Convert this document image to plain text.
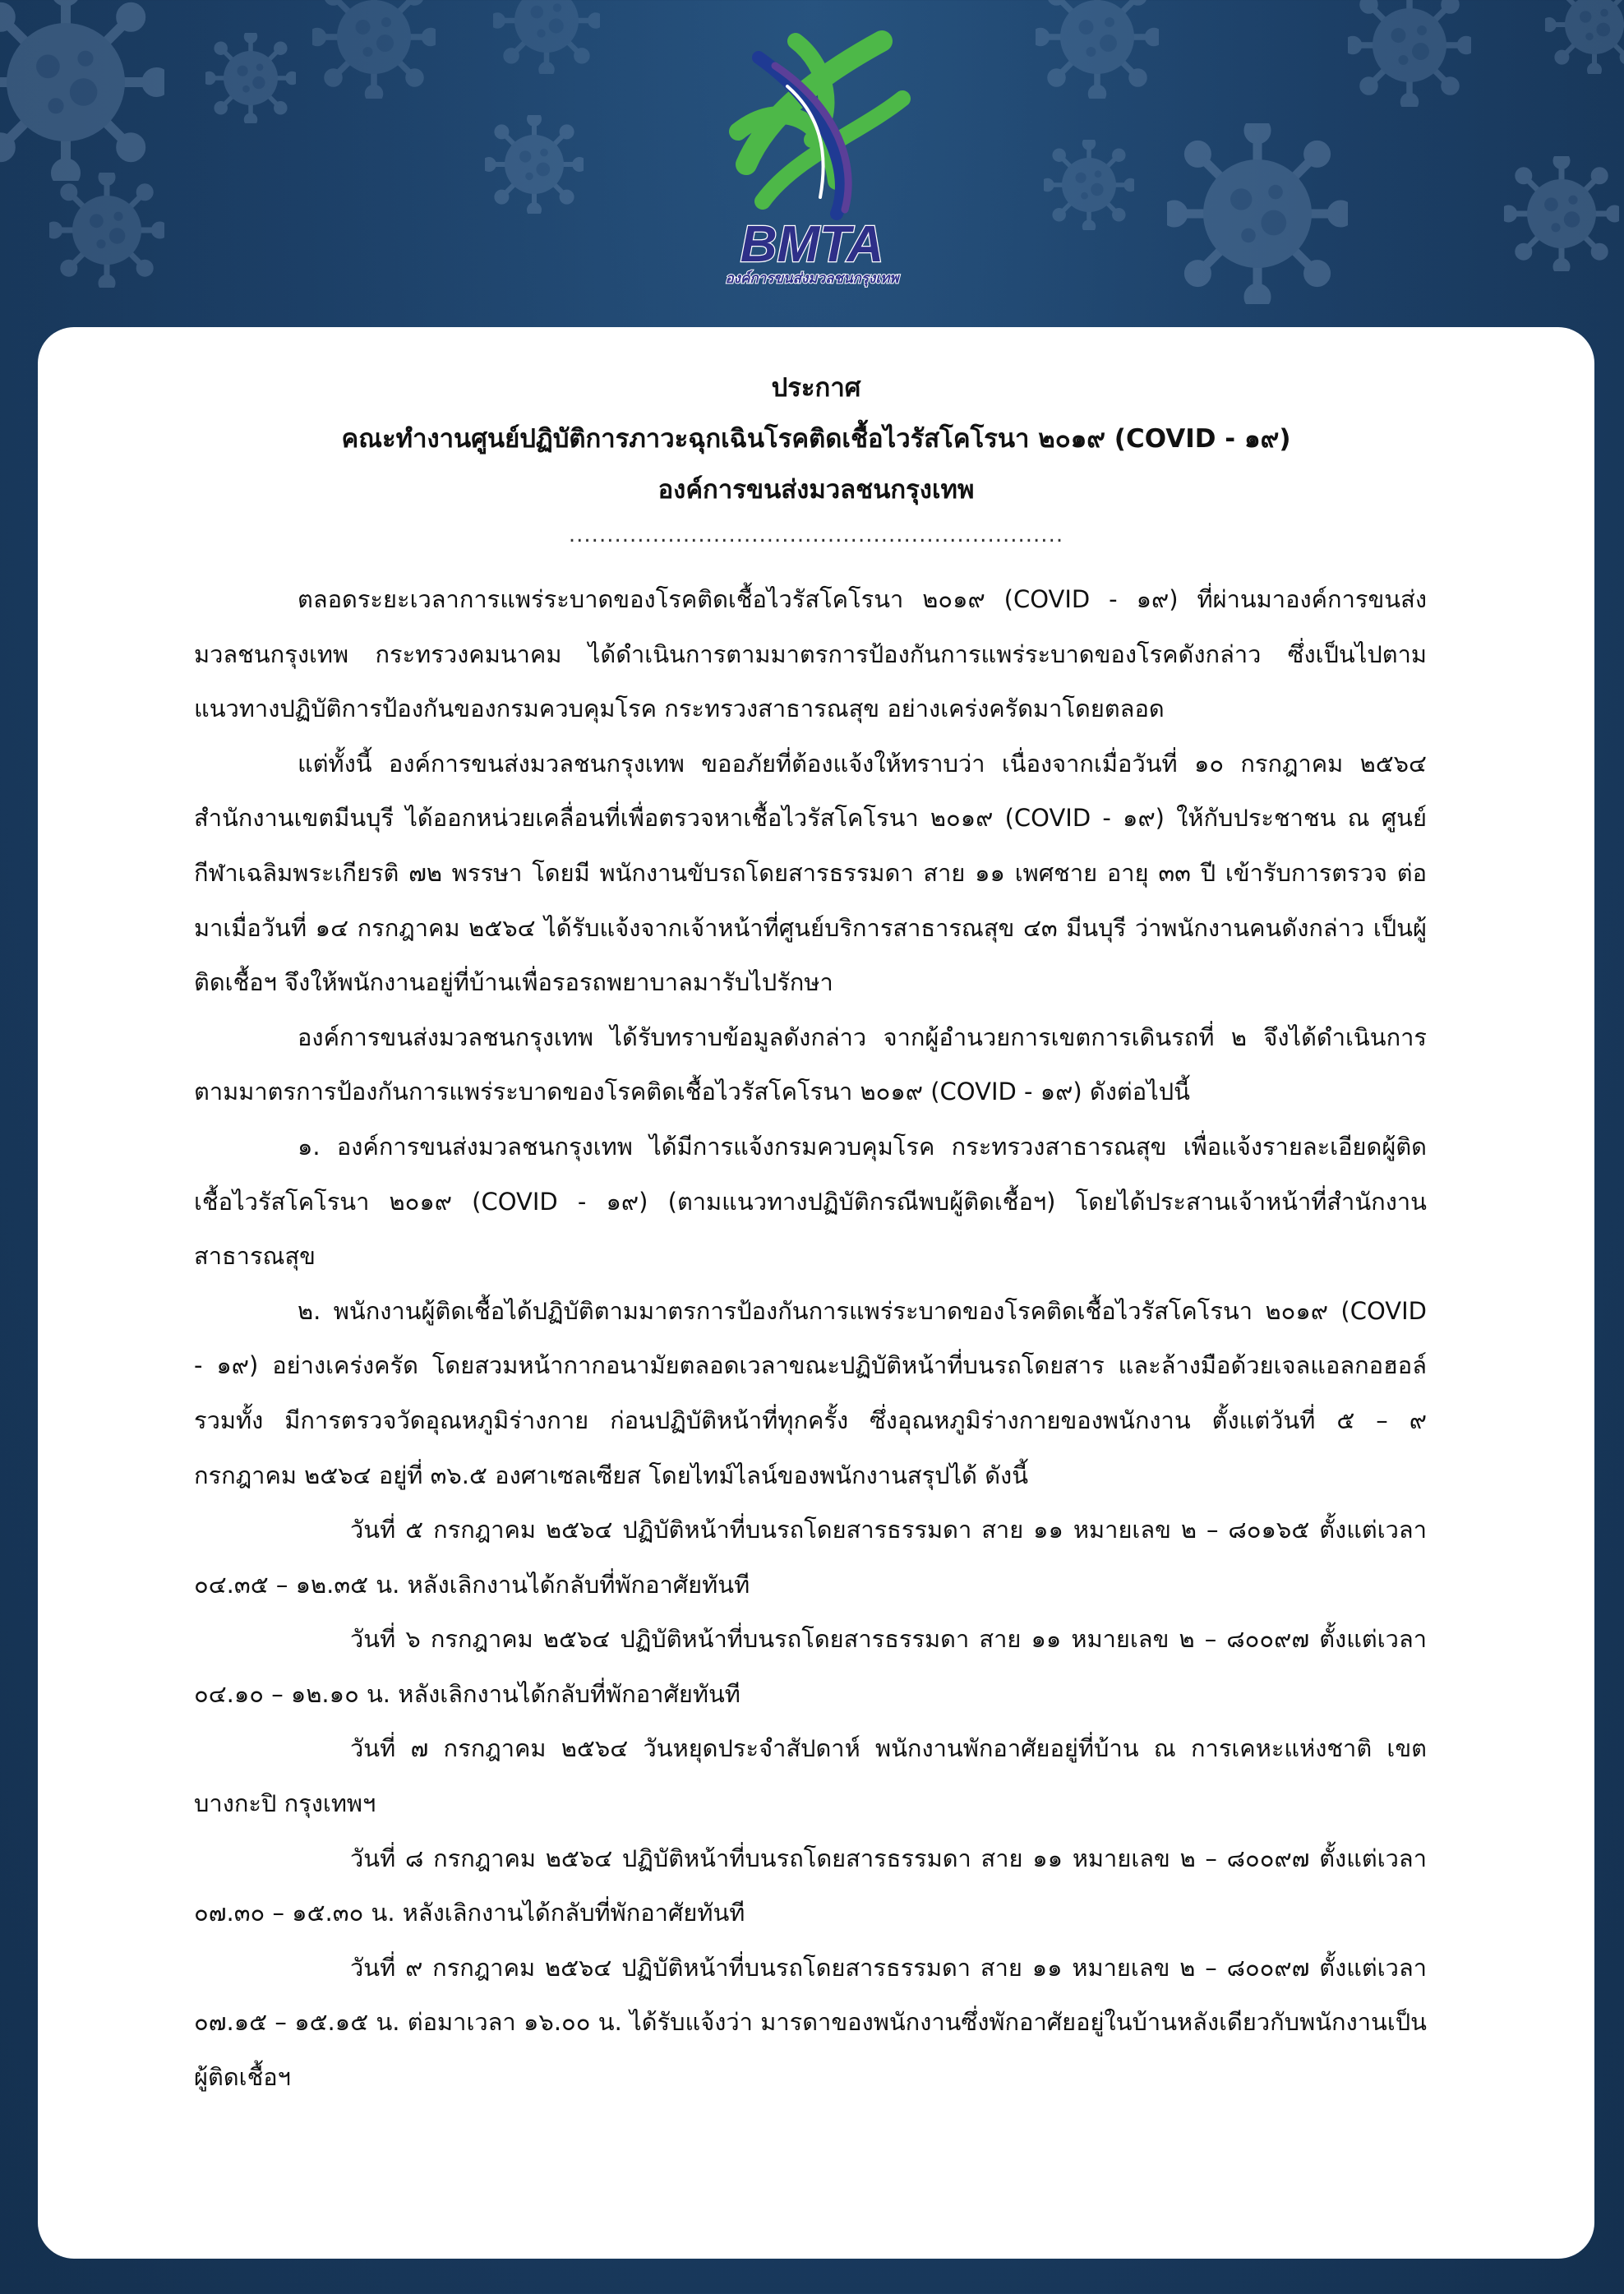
BMTA
องค์การขนส่งมวลชนกรุงเทพ
ประกาศ
คณะทำงานศูนย์ปฏิบัติการภาวะฉุกเฉินโรคติดเชื้อไวรัสโคโรนา ๒๐๑๙ (COVID - ๑๙)
องค์การขนส่งมวลชนกรุงเทพ
.................................................................

ตลอดระยะเวลาการแพร่ระบาดของโรคติดเชื้อไวรัสโคโรนา ๒๐๑๙ (COVID - ๑๙) ที่ผ่านมาองค์การขนส่งมวลชนกรุงเทพ กระทรวงคมนาคม ได้ดำเนินการตามมาตรการป้องกันการแพร่ระบาดของโรคดังกล่าว ซึ่งเป็นไปตามแนวทางปฏิบัติการป้องกันของกรมควบคุมโรค กระทรวงสาธารณสุข อย่างเคร่งครัดมาโดยตลอด

แต่ทั้งนี้ องค์การขนส่งมวลชนกรุงเทพ ขออภัยที่ต้องแจ้งให้ทราบว่า เนื่องจากเมื่อวันที่ ๑๐ กรกฎาคม ๒๕๖๔ สำนักงานเขตมีนบุรี ได้ออกหน่วยเคลื่อนที่เพื่อตรวจหาเชื้อไวรัสโคโรนา ๒๐๑๙ (COVID - ๑๙) ให้กับประชาชน ณ ศูนย์กีฬาเฉลิมพระเกียรติ ๗๒ พรรษา โดยมี พนักงานขับรถโดยสารธรรมดา สาย ๑๑ เพศชาย อายุ ๓๓ ปี เข้ารับการตรวจ ต่อมาเมื่อวันที่ ๑๔ กรกฎาคม ๒๕๖๔ ได้รับแจ้งจากเจ้าหน้าที่ศูนย์บริการสาธารณสุข ๔๓ มีนบุรี ว่าพนักงานคนดังกล่าว เป็นผู้ติดเชื้อฯ จึงให้พนักงานอยู่ที่บ้านเพื่อรอรถพยาบาลมารับไปรักษา

องค์การขนส่งมวลชนกรุงเทพ ได้รับทราบข้อมูลดังกล่าว จากผู้อำนวยการเขตการเดินรถที่ ๒ จึงได้ดำเนินการตามมาตรการป้องกันการแพร่ระบาดของโรคติดเชื้อไวรัสโคโรนา ๒๐๑๙ (COVID - ๑๙) ดังต่อไปนี้

๑. องค์การขนส่งมวลชนกรุงเทพ ได้มีการแจ้งกรมควบคุมโรค กระทรวงสาธารณสุข เพื่อแจ้งรายละเอียดผู้ติดเชื้อไวรัสโคโรนา ๒๐๑๙ (COVID - ๑๙) (ตามแนวทางปฏิบัติกรณีพบผู้ติดเชื้อฯ) โดยได้ประสานเจ้าหน้าที่สำนักงานสาธารณสุข

๒. พนักงานผู้ติดเชื้อได้ปฏิบัติตามมาตรการป้องกันการแพร่ระบาดของโรคติดเชื้อไวรัสโคโรนา ๒๐๑๙ (COVID - ๑๙) อย่างเคร่งครัด โดยสวมหน้ากากอนามัยตลอดเวลาขณะปฏิบัติหน้าที่บนรถโดยสาร และล้างมือด้วยเจลแอลกอฮอล์ รวมทั้ง มีการตรวจวัดอุณหภูมิร่างกาย ก่อนปฏิบัติหน้าที่ทุกครั้ง ซึ่งอุณหภูมิร่างกายของพนักงาน ตั้งแต่วันที่ ๕ – ๙ กรกฎาคม ๒๕๖๔ อยู่ที่ ๓๖.๕ องศาเซลเซียส โดยไทม์ไลน์ของพนักงานสรุปได้ ดังนี้

วันที่ ๕ กรกฎาคม ๒๕๖๔ ปฏิบัติหน้าที่บนรถโดยสารธรรมดา สาย ๑๑ หมายเลข ๒ – ๘๐๑๖๕ ตั้งแต่เวลา ๐๔.๓๕ – ๑๒.๓๕ น. หลังเลิกงานได้กลับที่พักอาศัยทันที

วันที่ ๖ กรกฎาคม ๒๕๖๔ ปฏิบัติหน้าที่บนรถโดยสารธรรมดา สาย ๑๑ หมายเลข ๒ – ๘๐๐๙๗ ตั้งแต่เวลา ๐๔.๑๐ – ๑๒.๑๐ น. หลังเลิกงานได้กลับที่พักอาศัยทันที

วันที่ ๗ กรกฎาคม ๒๕๖๔ วันหยุดประจำสัปดาห์ พนักงานพักอาศัยอยู่ที่บ้าน ณ การเคหะแห่งชาติ เขตบางกะปิ กรุงเทพฯ

วันที่ ๘ กรกฎาคม ๒๕๖๔ ปฏิบัติหน้าที่บนรถโดยสารธรรมดา สาย ๑๑ หมายเลข ๒ – ๘๐๐๙๗ ตั้งแต่เวลา ๐๗.๓๐ – ๑๕.๓๐ น. หลังเลิกงานได้กลับที่พักอาศัยทันที

วันที่ ๙ กรกฎาคม ๒๕๖๔ ปฏิบัติหน้าที่บนรถโดยสารธรรมดา สาย ๑๑ หมายเลข ๒ – ๘๐๐๙๗ ตั้งแต่เวลา ๐๗.๑๕ – ๑๕.๑๕ น. ต่อมาเวลา ๑๖.๐๐ น. ได้รับแจ้งว่า มารดาของพนักงานซึ่งพักอาศัยอยู่ในบ้านหลังเดียวกับพนักงานเป็นผู้ติดเชื้อฯ
